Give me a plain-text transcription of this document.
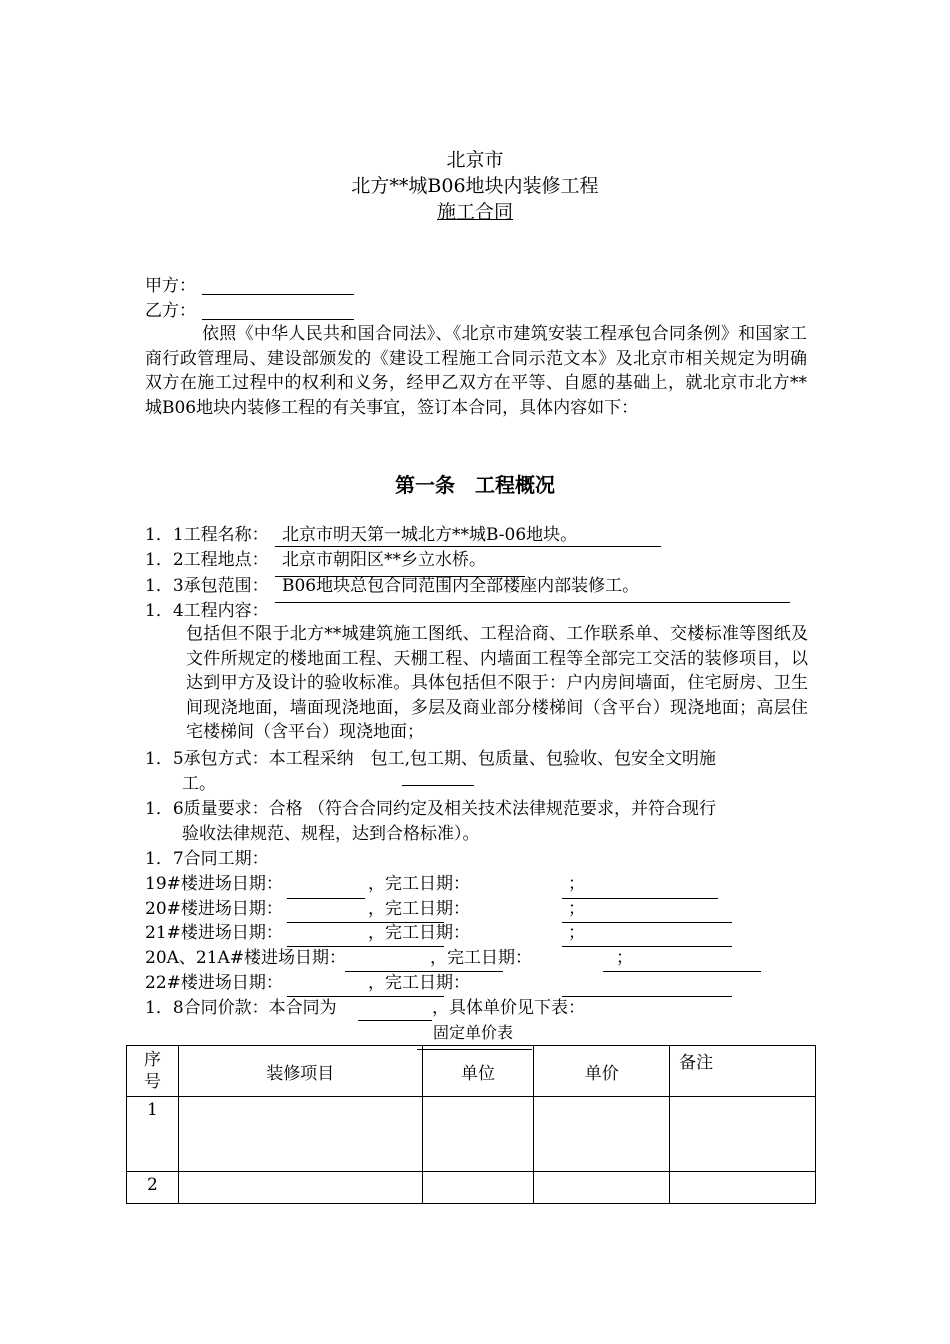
北京市
北方**城B06地块内装修工程
施工合同
甲方：
乙方：
依照《中华人民共和国合同法》、《北京市建筑安装工程承包合同条例》和国家工商行政管理局、建设部颁发的《建设工程施工合同示范文本》及北京市相关规定为明确双方在施工过程中的权利和义务，经甲乙双方在平等、自愿的基础上，就北京市北方**城B06地块内装修工程的有关事宜，签订本合同，具体内容如下：
第一条　工程概况
1．1工程名称： 北京市明天第一城北方**城B-06地块。
1．2工程地点： 北京市朝阳区**乡立水桥。
1．3承包范围： B06地块总包合同范围内全部楼座内部装修工。
1．4工程内容：
包括但不限于北方**城建筑施工图纸、工程洽商、工作联系单、交楼标准等图纸及文件所规定的楼地面工程、天棚工程、内墙面工程等全部完工交活的装修项目，以达到甲方及设计的验收标准。具体包括但不限于：户内房间墙面，住宅厨房、卫生间现浇地面，墙面现浇地面，多层及商业部分楼梯间（含平台）现浇地面；高层住宅楼梯间（含平台）现浇地面；
1．5承包方式：本工程采纳　包工,包工期、包质量、包验收、包安全文明施
工。
1．6质量要求：合格 （符合合同约定及相关技术法律规范要求，并符合现行
验收法律规范、规程，达到合格标准）。
1．7合同工期：
19#楼进场日期：	，完工日期：	；
20#楼进场日期：	，完工日期：	；
21#楼进场日期：	，完工日期：	；
20A、21A#楼进场日期：	，完工日期：	；
22#楼进场日期：	，完工日期：
1．8合同价款：本合同为	，具体单价见下表：
固定单价表
序
号	装修项目	单位	单价	备注
1				
2				
